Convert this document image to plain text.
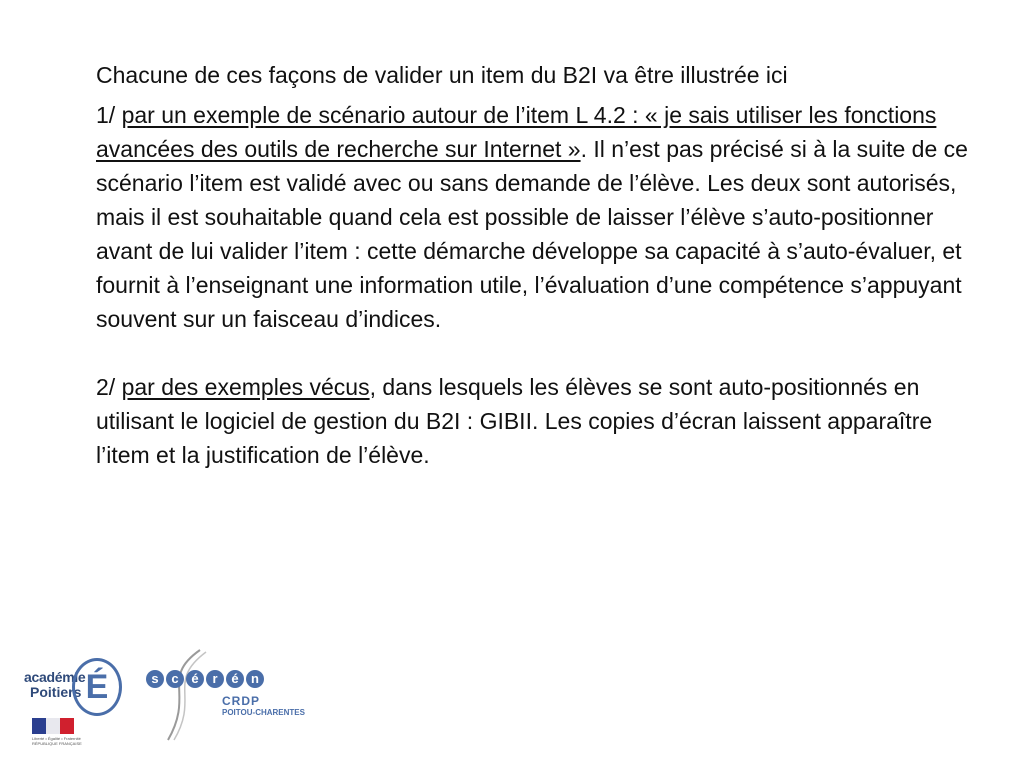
Chacune de ces façons de valider un item du B2I va être illustrée ici

1/ par un exemple de scénario autour de l’item L 4.2 : « je sais utiliser les fonctions avancées des outils de recherche sur Internet ». Il n’est pas précisé si à la suite de ce scénario l’item est validé avec ou sans demande de l’élève. Les deux sont autorisés, mais il est souhaitable quand cela est possible de laisser l’élève s’auto-positionner avant de lui valider l’item : cette démarche développe sa capacité à s’auto-évaluer, et fournit à l’enseignant une information utile, l’évaluation d’une compétence s’appuyant souvent sur un faisceau d’indices.

2/ par des exemples vécus, dans lesquels les élèves se sont auto-positionnés en utilisant le logiciel de gestion du B2I : GIBII. Les copies d’écran laissent apparaître l’item et la justification de l’élève.

académie
Poitiers É
Liberté • Égalité • Fraternité
RÉPUBLIQUE FRANÇAISE
s c é	r	é n
CRDP
POITOU-CHARENTES
